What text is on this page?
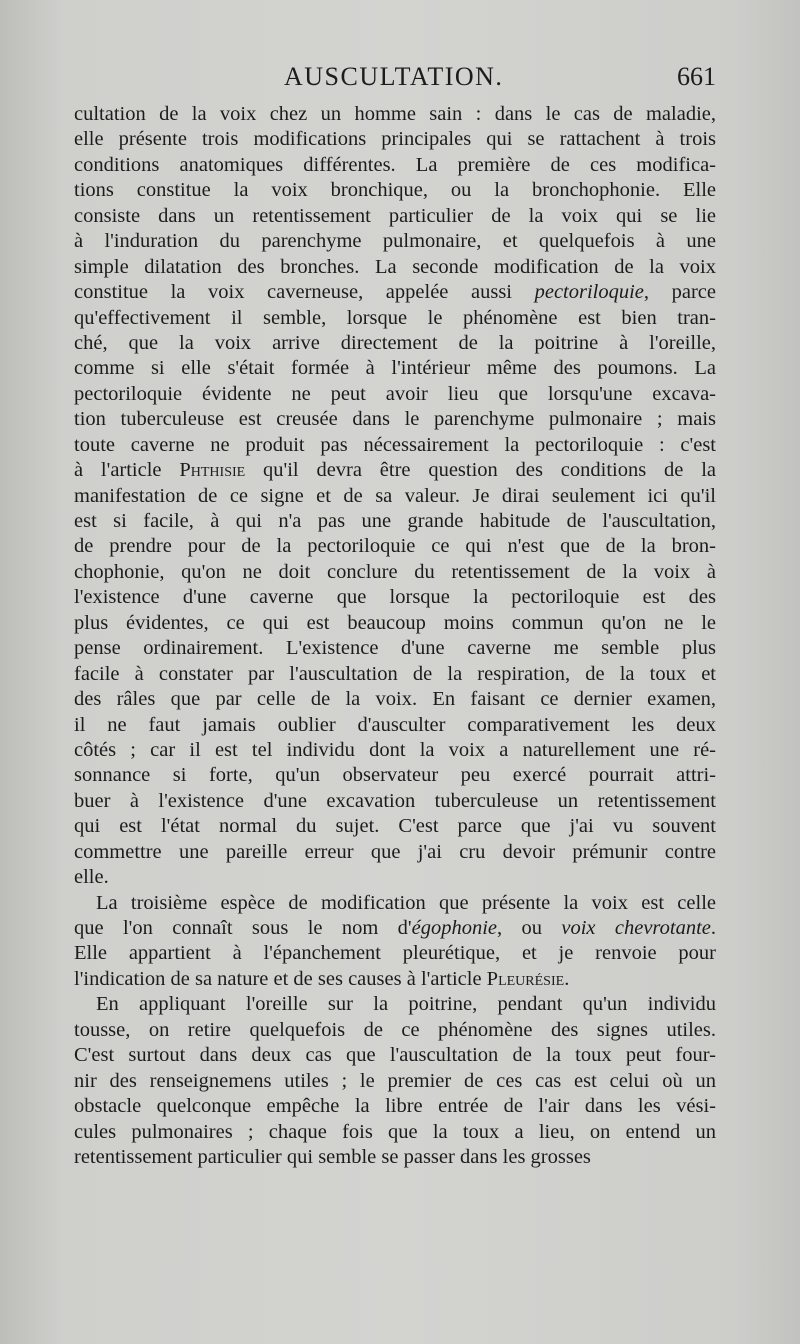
AUSCULTATION.	661
cultation de la voix chez un homme sain : dans le cas de maladie,
elle présente trois modifications principales qui se rattachent à trois
conditions anatomiques différentes. La première de ces modifica-
tions constitue la voix bronchique, ou la bronchophonie. Elle
consiste dans un retentissement particulier de la voix qui se lie
à l'induration du parenchyme pulmonaire, et quelquefois à une
simple dilatation des bronches. La seconde modification de la voix
constitue la voix caverneuse, appelée aussi pectoriloquie, parce
qu'effectivement il semble, lorsque le phénomène est bien tran-
ché, que la voix arrive directement de la poitrine à l'oreille,
comme si elle s'était formée à l'intérieur même des poumons. La
pectoriloquie évidente ne peut avoir lieu que lorsqu'une excava-
tion tuberculeuse est creusée dans le parenchyme pulmonaire ; mais
toute caverne ne produit pas nécessairement la pectoriloquie : c'est
à l'article Phthisie qu'il devra être question des conditions de la
manifestation de ce signe et de sa valeur. Je dirai seulement ici qu'il
est si facile, à qui n'a pas une grande habitude de l'auscultation,
de prendre pour de la pectoriloquie ce qui n'est que de la bron-
chophonie, qu'on ne doit conclure du retentissement de la voix à
l'existence d'une caverne que lorsque la pectoriloquie est des
plus évidentes, ce qui est beaucoup moins commun qu'on ne le
pense ordinairement. L'existence d'une caverne me semble plus
facile à constater par l'auscultation de la respiration, de la toux et
des râles que par celle de la voix. En faisant ce dernier examen,
il ne faut jamais oublier d'ausculter comparativement les deux
côtés ; car il est tel individu dont la voix a naturellement une ré-
sonnance si forte, qu'un observateur peu exercé pourrait attri-
buer à l'existence d'une excavation tuberculeuse un retentissement
qui est l'état normal du sujet. C'est parce que j'ai vu souvent
commettre une pareille erreur que j'ai cru devoir prémunir contre
elle.
La troisième espèce de modification que présente la voix est celle
que l'on connaît sous le nom d'égophonie, ou voix chevrotante.
Elle appartient à l'épanchement pleurétique, et je renvoie pour
l'indication de sa nature et de ses causes à l'article Pleurésie.
En appliquant l'oreille sur la poitrine, pendant qu'un individu
tousse, on retire quelquefois de ce phénomène des signes utiles.
C'est surtout dans deux cas que l'auscultation de la toux peut four-
nir des renseignemens utiles ; le premier de ces cas est celui où un
obstacle quelconque empêche la libre entrée de l'air dans les vési-
cules pulmonaires ; chaque fois que la toux a lieu, on entend un
retentissement particulier qui semble se passer dans les grosses
